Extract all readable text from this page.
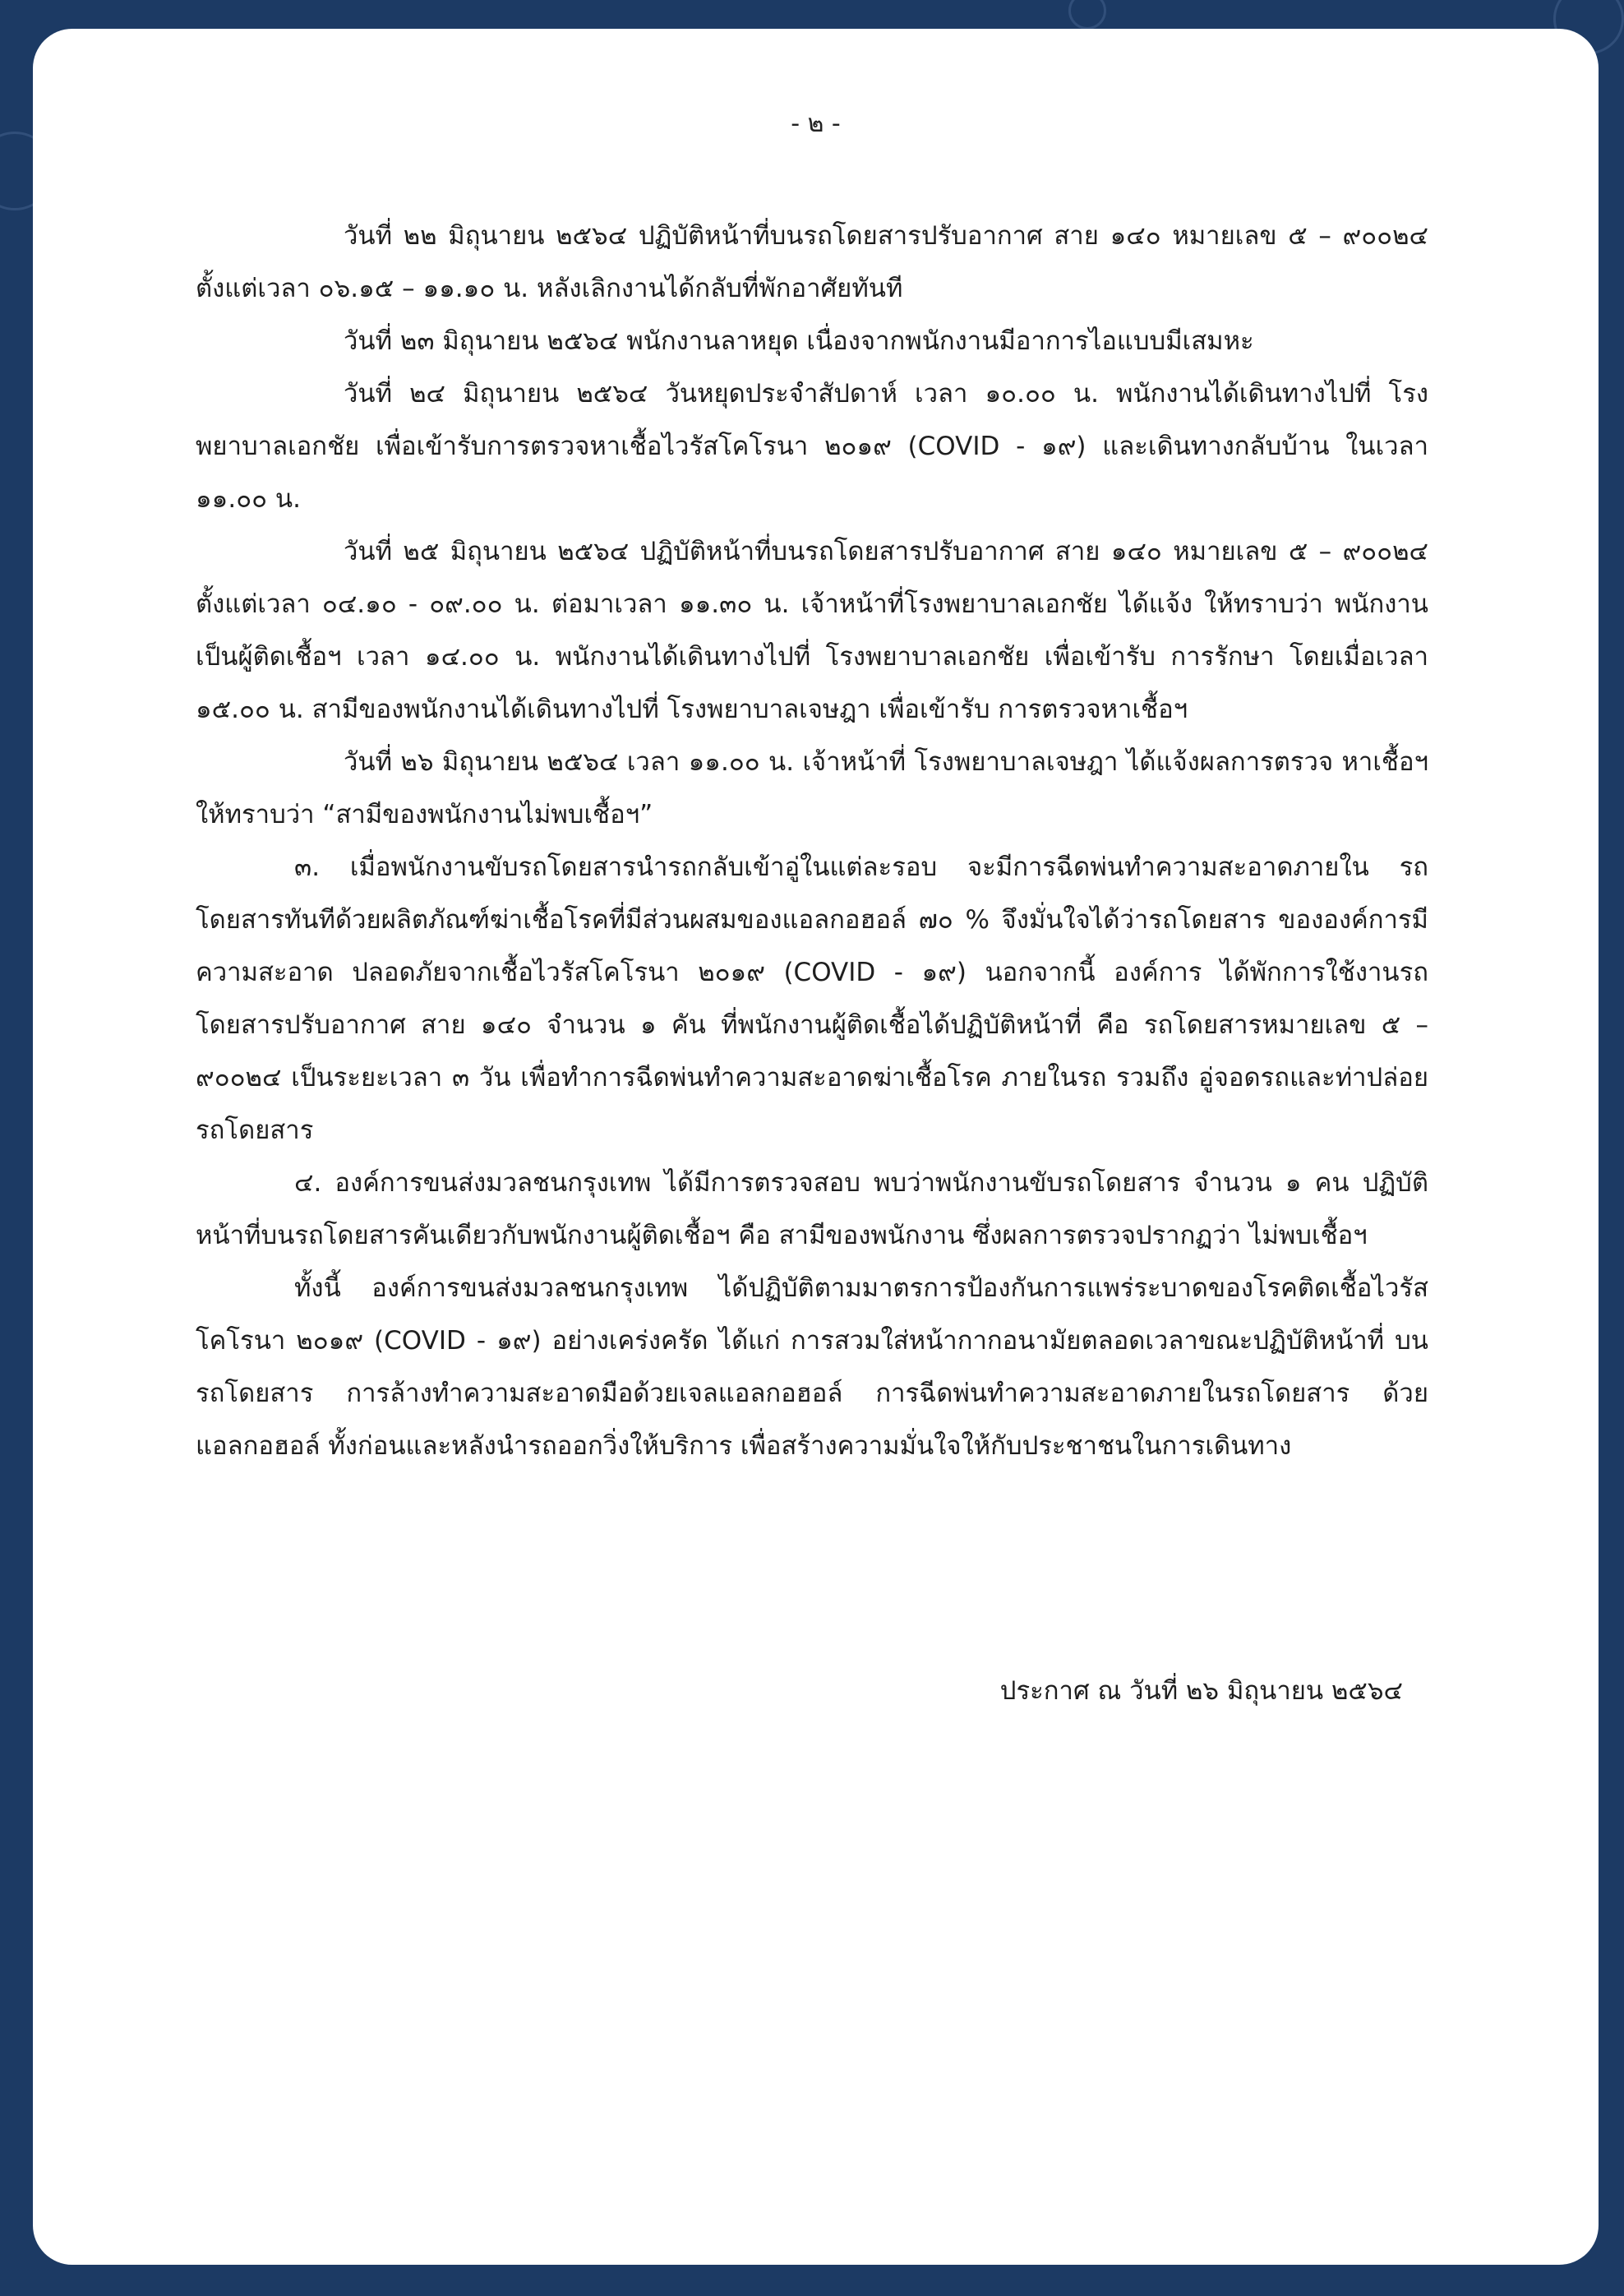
- ๒ -

วันที่ ๒๒ มิถุนายน ๒๕๖๔ ปฏิบัติหน้าที่บนรถโดยสารปรับอากาศ สาย ๑๔๐ หมายเลข ๕ – ๙๐๐๒๔ ตั้งแต่เวลา ๐๖.๑๕ – ๑๑.๑๐ น. หลังเลิกงานได้กลับที่พักอาศัยทันที

วันที่ ๒๓ มิถุนายน ๒๕๖๔ พนักงานลาหยุด เนื่องจากพนักงานมีอาการไอแบบมีเสมหะ

วันที่ ๒๔ มิถุนายน ๒๕๖๔ วันหยุดประจำสัปดาห์ เวลา ๑๐.๐๐ น. พนักงานได้เดินทางไปที่ โรงพยาบาลเอกชัย เพื่อเข้ารับการตรวจหาเชื้อไวรัสโคโรนา ๒๐๑๙ (COVID - ๑๙) และเดินทางกลับบ้าน ในเวลา ๑๑.๐๐ น.

วันที่ ๒๕ มิถุนายน ๒๕๖๔ ปฏิบัติหน้าที่บนรถโดยสารปรับอากาศ สาย ๑๔๐ หมายเลข ๕ – ๙๐๐๒๔ ตั้งแต่เวลา ๐๔.๑๐ - ๐๙.๐๐ น. ต่อมาเวลา ๑๑.๓๐ น. เจ้าหน้าที่โรงพยาบาลเอกชัย ได้แจ้ง ให้ทราบว่า พนักงานเป็นผู้ติดเชื้อฯ เวลา ๑๔.๐๐ น. พนักงานได้เดินทางไปที่ โรงพยาบาลเอกชัย เพื่อเข้ารับ การรักษา โดยเมื่อเวลา ๑๕.๐๐ น. สามีของพนักงานได้เดินทางไปที่ โรงพยาบาลเจษฎา เพื่อเข้ารับ การตรวจหาเชื้อฯ

วันที่ ๒๖ มิถุนายน ๒๕๖๔ เวลา ๑๑.๐๐ น. เจ้าหน้าที่ โรงพยาบาลเจษฎา ได้แจ้งผลการตรวจ หาเชื้อฯ ให้ทราบว่า “สามีของพนักงานไม่พบเชื้อฯ”

๓. เมื่อพนักงานขับรถโดยสารนำรถกลับเข้าอู่ในแต่ละรอบ จะมีการฉีดพ่นทำความสะอาดภายใน รถโดยสารทันทีด้วยผลิตภัณฑ์ฆ่าเชื้อโรคที่มีส่วนผสมของแอลกอฮอล์ ๗๐ % จึงมั่นใจได้ว่ารถโดยสาร ขององค์การมีความสะอาด ปลอดภัยจากเชื้อไวรัสโคโรนา ๒๐๑๙ (COVID - ๑๙) นอกจากนี้ องค์การ ได้พักการใช้งานรถโดยสารปรับอากาศ สาย ๑๔๐ จำนวน ๑ คัน ที่พนักงานผู้ติดเชื้อได้ปฏิบัติหน้าที่ คือ รถโดยสารหมายเลข ๕ – ๙๐๐๒๔ เป็นระยะเวลา ๓ วัน เพื่อทำการฉีดพ่นทำความสะอาดฆ่าเชื้อโรค ภายในรถ รวมถึง อู่จอดรถและท่าปล่อยรถโดยสาร

๔. องค์การขนส่งมวลชนกรุงเทพ ได้มีการตรวจสอบ พบว่าพนักงานขับรถโดยสาร จำนวน ๑ คน ปฏิบัติหน้าที่บนรถโดยสารคันเดียวกับพนักงานผู้ติดเชื้อฯ คือ สามีของพนักงาน ซึ่งผลการตรวจปรากฏว่า ไม่พบเชื้อฯ

ทั้งนี้ องค์การขนส่งมวลชนกรุงเทพ ได้ปฏิบัติตามมาตรการป้องกันการแพร่ระบาดของโรคติดเชื้อไวรัส โคโรนา ๒๐๑๙ (COVID - ๑๙) อย่างเคร่งครัด ได้แก่ การสวมใส่หน้ากากอนามัยตลอดเวลาขณะปฏิบัติหน้าที่ บนรถโดยสาร การล้างทำความสะอาดมือด้วยเจลแอลกอฮอล์ การฉีดพ่นทำความสะอาดภายในรถโดยสาร ด้วยแอลกอฮอล์ ทั้งก่อนและหลังนำรถออกวิ่งให้บริการ เพื่อสร้างความมั่นใจให้กับประชาชนในการเดินทาง

ประกาศ ณ วันที่ ๒๖ มิถุนายน ๒๕๖๔
